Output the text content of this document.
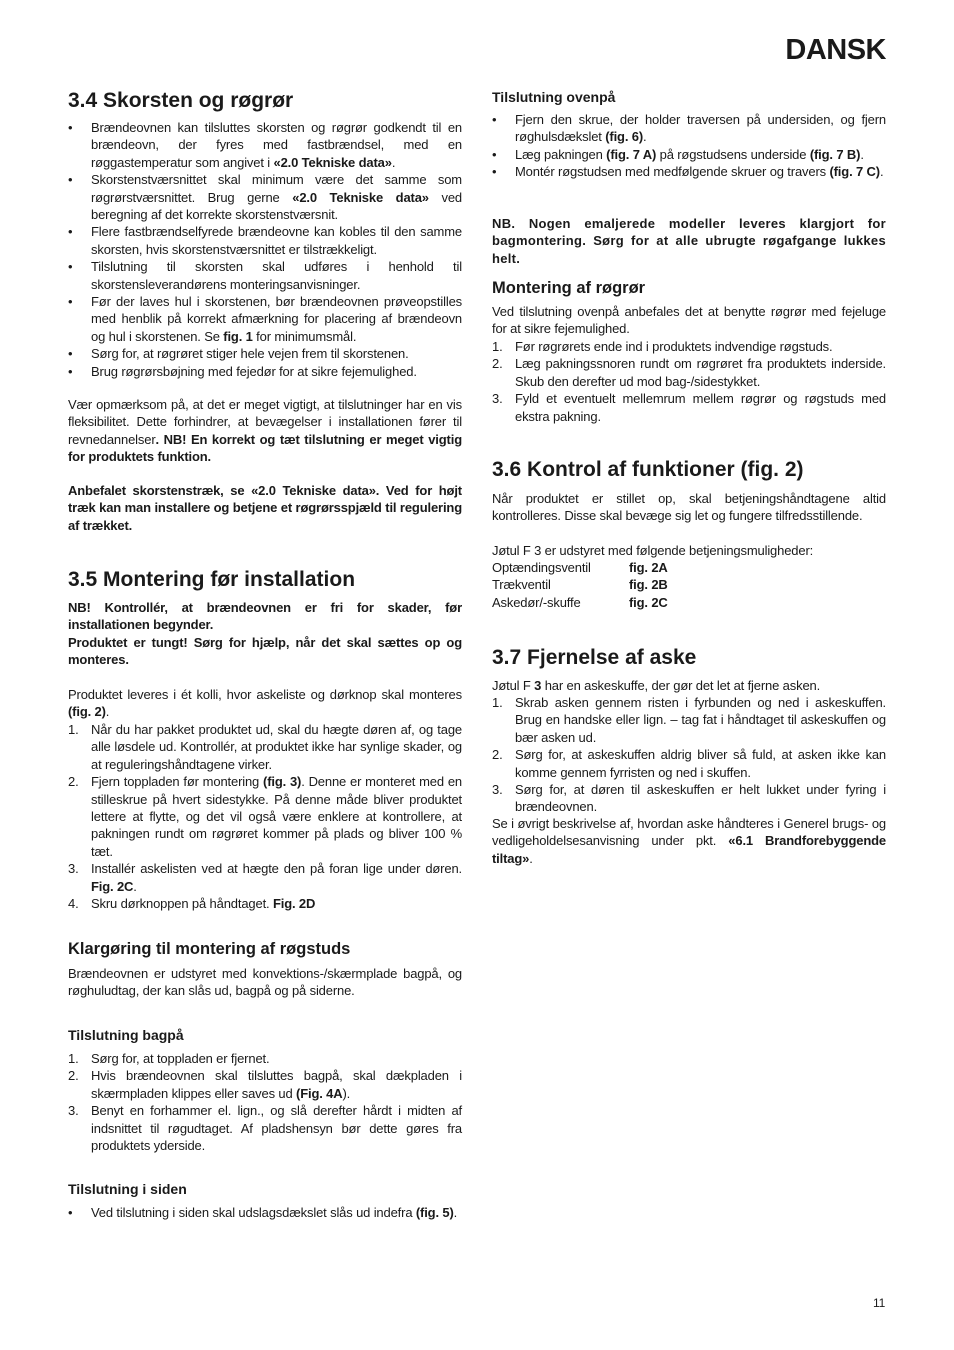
DANSK
3.4 Skorsten og røgrør
• Brændeovnen kan tilsluttes skorsten og røgrør godkendt til en brændeovn, der fyres med fastbrændsel, med en røggastemperatur som angivet i «2.0 Tekniske data».
• Skorstenstværsnittet skal minimum være det samme som røgrørstværsnittet. Brug gerne «2.0 Tekniske data» ved beregning af det korrekte skorstenstværsnit.
• Flere fastbrændselfyrede brændeovne kan kobles til den samme skorsten, hvis skorstenstværsnittet er tilstrækkeligt.
• Tilslutning til skorsten skal udføres i henhold til skorstensleverandørens monteringsanvisninger.
• Før der laves hul i skorstenen, bør brændeovnen prøveopstilles med henblik på korrekt afmærkning for placering af brændeovn og hul i skorstenen. Se fig. 1 for minimumsmål.
• Sørg for, at røgrøret stiger hele vejen frem til skorstenen.
• Brug røgrørsbøjning med fejedør for at sikre fejemulighed.

Vær opmærksom på, at det er meget vigtigt, at tilslutninger har en vis fleksibilitet. Dette forhindrer, at bevægelser i installationen fører til revnedannelser. NB! En korrekt og tæt tilslutning er meget vigtig for produktets funktion.

Anbefalet skorstenstræk, se «2.0 Tekniske data». Ved for højt træk kan man installere og betjene et røgrørsspjæld til regulering af trækket.

3.5 Montering før installation

NB! Kontrollér, at brændeovnen er fri for skader, før installationen begynder.

Produktet er tungt! Sørg for hjælp, når det skal sættes op og monteres.

Produktet leveres i ét kolli, hvor askeliste og dørknop skal monteres (fig. 2).

1. Når du har pakket produktet ud, skal du hægte døren af, og tage alle løsdele ud. Kontrollér, at produktet ikke har synlige skader, og at reguleringshåndtagene virker.
2. Fjern toppladen før montering (fig. 3). Denne er monteret med en stilleskrue på hvert sidestykke. På denne måde bliver produktet lettere at flytte, og det vil også være enklere at kontrollere, at pakningen rundt om røgrøret kommer på plads og bliver 100 % tæt.
3. Installér askelisten ved at hægte den på foran lige under døren. Fig. 2C.
4. Skru dørknoppen på håndtaget. Fig. 2D
Klargøring til montering af røgstuds

Brændeovnen er udstyret med konvektions-/skærmplade bagpå, og røghuludtag, der kan slås ud, bagpå og på siderne.

Tilslutning bagpå
1. Sørg for, at toppladen er fjernet.
2. Hvis brændeovnen skal tilsluttes bagpå, skal dækpladen i skærmpladen klippes eller saves ud (Fig. 4A).
3. Benyt en forhammer el. lign., og slå derefter hårdt i midten af indsnittet til røgudtaget. Af pladshensyn bør dette gøres fra produktets yderside.
Tilslutning i siden
• Ved tilslutning i siden skal udslagsdækslet slås ud indefra (fig. 5).
Tilslutning ovenpå
• Fjern den skrue, der holder traversen på undersiden, og fjern røghulsdækslet (fig. 6).
• Læg pakningen (fig. 7 A) på røgstudsens underside (fig. 7 B).
• Montér røgstudsen med medfølgende skruer og travers (fig. 7 C).

NB. Nogen emaljerede modeller leveres klargjort for bagmontering. Sørg for at alle ubrugte røgafgange lukkes helt.

Montering af røgrør

Ved tilslutning ovenpå anbefales det at benytte røgrør med fejeluge for at sikre fejemulighed.

1. Før røgrørets ende ind i produktets indvendige røgstuds.
2. Læg pakningssnoren rundt om røgrøret fra produktets inderside. Skub den derefter ud mod bag-/sidestykket.
3. Fyld et eventuelt mellemrum mellem røgrør og røgstuds med ekstra pakning.
3.6 Kontrol af funktioner (fig. 2)

Når produktet er stillet op, skal betjeningshåndtagene altid kontrolleres. Disse skal bevæge sig let og fungere tilfredsstillende.

Jøtul F 3 er udstyret med følgende betjeningsmuligheder:
Optændingsventil	fig. 2A
Trækventil	fig. 2B
Askedør/-skuffe	fig. 2C
3.7 Fjernelse af aske

Jøtul F 3 har en askeskuffe, der gør det let at fjerne asken.

1. Skrab asken gennem risten i fyrbunden og ned i askeskuffen. Brug en handske eller lign. – tag fat i håndtaget til askeskuffen og bær asken ud.
2. Sørg for, at askeskuffen aldrig bliver så fuld, at asken ikke kan komme gennem fyrristen og ned i skuffen.
3. Sørg for, at døren til askeskuffen er helt lukket under fyring i brændeovnen.

Se i øvrigt beskrivelse af, hvordan aske håndteres i Generel brugs- og vedligeholdelsesanvisning under pkt. «6.1 Brandforebyggende tiltag».

11
